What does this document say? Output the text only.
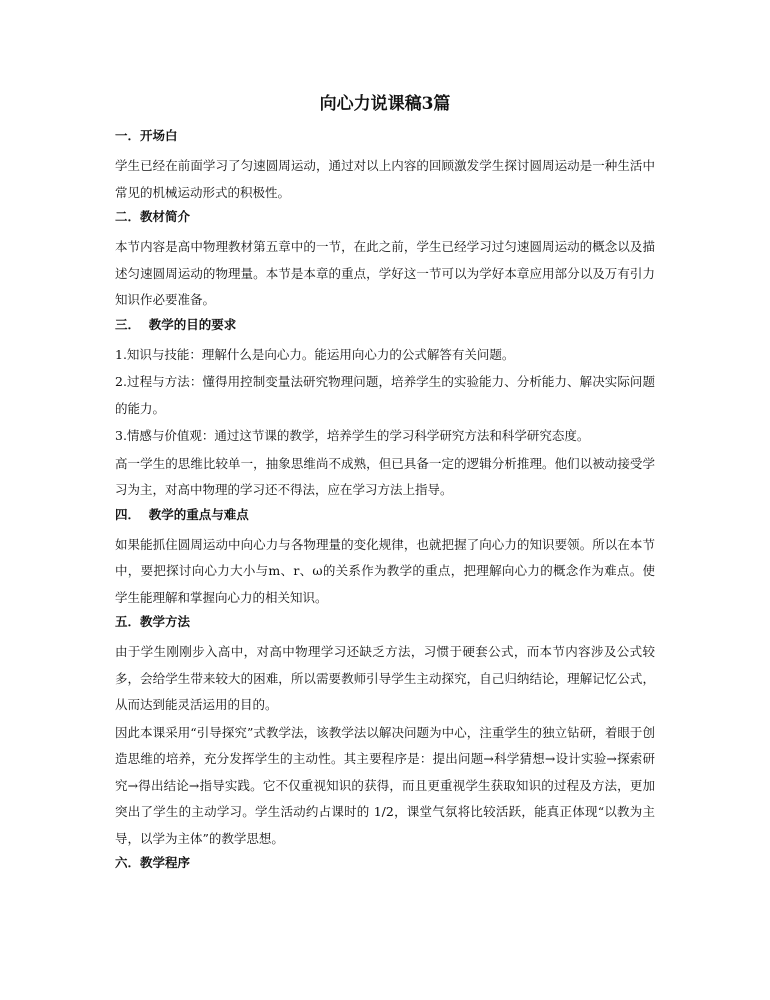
向心力说课稿3篇
一．开场白
学生已经在前面学习了匀速圆周运动，通过对以上内容的回顾激发学生探讨圆周运动是一种生活中常见的机械运动形式的积极性。
二．教材简介
本节内容是高中物理教材第五章中的一节，在此之前，学生已经学习过匀速圆周运动的概念以及描述匀速圆周运动的物理量。本节是本章的重点，学好这一节可以为学好本章应用部分以及万有引力知识作必要准备。
三．  教学的目的要求
1.知识与技能：理解什么是向心力。能运用向心力的公式解答有关问题。
2.过程与方法：懂得用控制变量法研究物理问题，培养学生的实验能力、分析能力、解决实际问题的能力。
3.情感与价值观：通过这节课的教学，培养学生的学习科学研究方法和科学研究态度。
高一学生的思维比较单一，抽象思维尚不成熟，但已具备一定的逻辑分析推理。他们以被动接受学习为主，对高中物理的学习还不得法，应在学习方法上指导。
四．  教学的重点与难点
如果能抓住圆周运动中向心力与各物理量的变化规律，也就把握了向心力的知识要领。所以在本节中，要把探讨向心力大小与m、r、ω的关系作为教学的重点，把理解向心力的概念作为难点。使学生能理解和掌握向心力的相关知识。
五．教学方法
由于学生刚刚步入高中，对高中物理学习还缺乏方法，习惯于硬套公式，而本节内容涉及公式较多，会给学生带来较大的困难，所以需要教师引导学生主动探究，自己归纳结论，理解记忆公式，从而达到能灵活运用的目的。
因此本课采用“引导探究”式教学法，该教学法以解决问题为中心，注重学生的独立钻研，着眼于创造思维的培养，充分发挥学生的主动性。其主要程序是：提出问题→科学猜想→设计实验→探索研究→得出结论→指导实践。它不仅重视知识的获得，而且更重视学生获取知识的过程及方法，更加突出了学生的主动学习。学生活动约占课时的 1/2，课堂气氛将比较活跃，能真正体现“以教为主导，以学为主体”的教学思想。
六．教学程序
